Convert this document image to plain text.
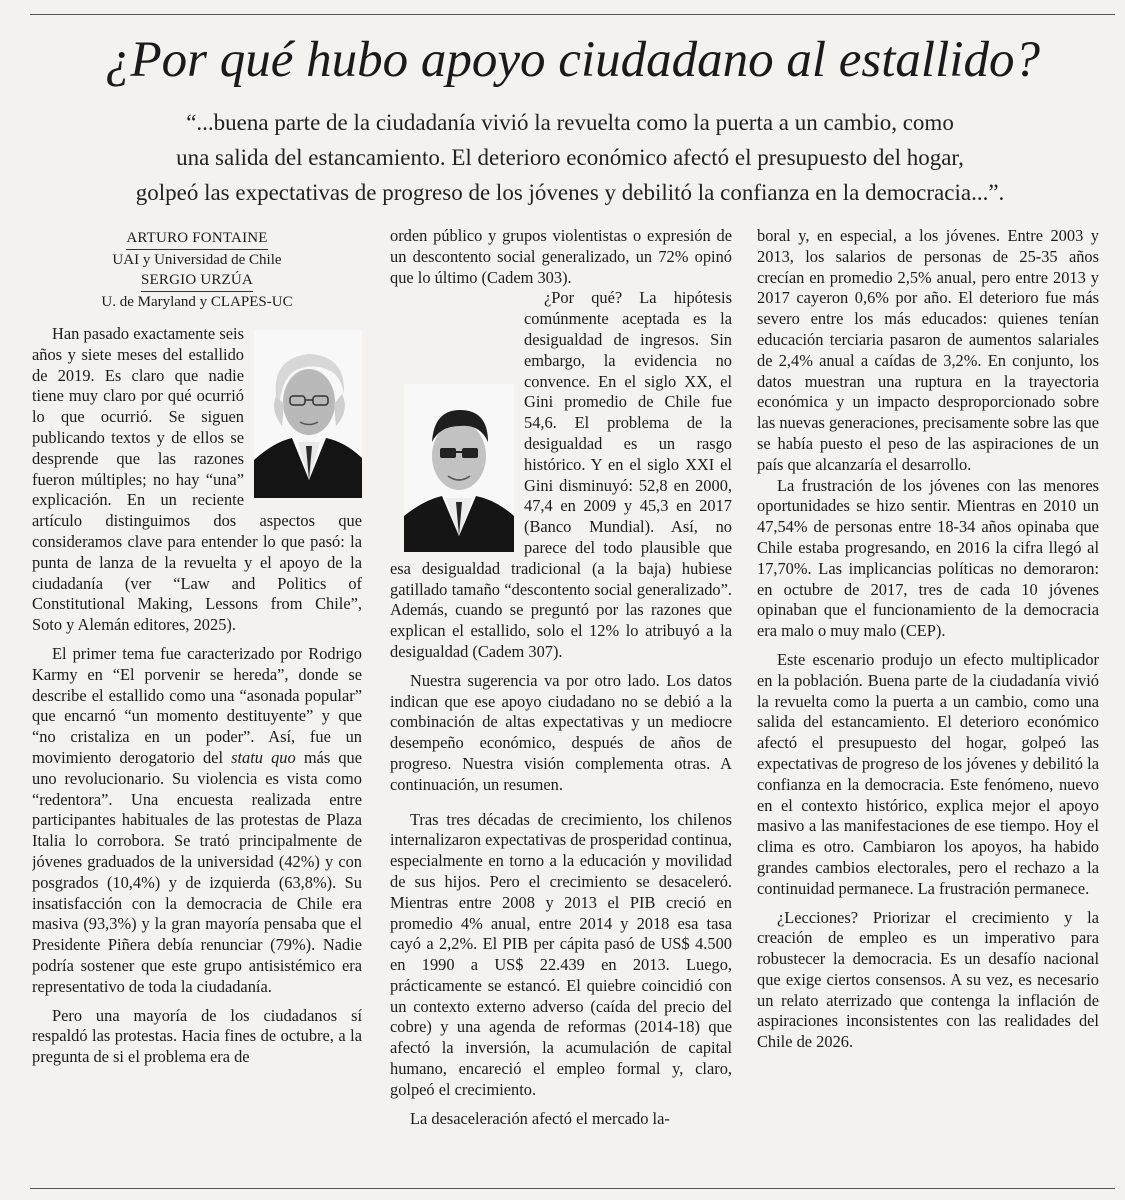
¿Por qué hubo apoyo ciudadano al estallido?
“...buena parte de la ciudadanía vivió la revuelta como la puerta a un cambio, como
una salida del estancamiento. El deterioro económico afectó el presupuesto del hogar,
golpeó las expectativas de progreso de los jóvenes y debilitó la confianza en la democracia...”.

ARTURO FONTAINE

UAI y Universidad de Chile

SERGIO URZÚA

U. de Maryland y CLAPES-UC

Han pasado exactamente seis años y siete meses del estallido de 2019. Es claro que nadie tiene muy claro por qué ocurrió lo que ocurrió. Se siguen publicando textos y de ellos se desprende que las razones fueron múltiples; no hay “una” explicación. En un reciente artículo distinguimos dos aspectos que consideramos clave para entender lo que pasó: la punta de lanza de la revuelta y el apoyo de la ciudadanía (ver “Law and Politics of Constitutional Making, Lessons from Chile”, Soto y Alemán editores, 2025).

El primer tema fue caracterizado por Rodrigo Karmy en “El porvenir se hereda”, donde se describe el estallido como una “asonada popular” que encarnó “un momento destituyente” y que “no cristaliza en un poder”. Así, fue un movimiento derogatorio del statu quo más que uno revolucionario. Su violencia es vista como “redentora”. Una encuesta realizada entre participantes habituales de las protestas de Plaza Italia lo corrobora. Se trató principalmente de jóvenes graduados de la universidad (42%) y con posgrados (10,4%) y de izquierda (63,8%). Su insatisfacción con la democracia de Chile era masiva (93,3%) y la gran mayoría pensaba que el Presidente Piñera debía renunciar (79%). Nadie podría sostener que este grupo antisistémico era representativo de toda la ciudadanía.

Pero una mayoría de los ciudadanos sí respaldó las protestas. Hacia fines de octubre, a la pregunta de si el problema era de

orden público y grupos violentistas o expresión de un descontento social generalizado, un 72% opinó que lo último (Cadem 303).

¿Por qué? La hipótesis comúnmente aceptada es la desigualdad de ingresos. Sin embargo, la evidencia no convence. En el siglo XX, el Gini promedio de Chile fue 54,6. El problema de la desigualdad es un rasgo histórico. Y en el siglo XXI el Gini disminuyó: 52,8 en 2000, 47,4 en 2009 y 45,3 en 2017 (Banco Mundial). Así, no parece del todo plausible que esa desigualdad tradicional (a la baja) hubiese gatillado tamaño “descontento social generalizado”. Además, cuando se preguntó por las razones que explican el estallido, solo el 12% lo atribuyó a la desigualdad (Cadem 307).

Nuestra sugerencia va por otro lado. Los datos indican que ese apoyo ciudadano no se debió a la combinación de altas expectativas y un mediocre desempeño económico, después de años de progreso. Nuestra visión complementa otras. A continuación, un resumen.

Tras tres décadas de crecimiento, los chilenos internalizaron expectativas de prosperidad continua, especialmente en torno a la educación y movilidad de sus hijos. Pero el crecimiento se desaceleró. Mientras entre 2008 y 2013 el PIB creció en promedio 4% anual, entre 2014 y 2018 esa tasa cayó a 2,2%. El PIB per cápita pasó de US$ 4.500 en 1990 a US$ 22.439 en 2013. Luego, prácticamente se estancó. El quiebre coincidió con un contexto externo adverso (caída del precio del cobre) y una agenda de reformas (2014-18) que afectó la inversión, la acumulación de capital humano, encareció el empleo formal y, claro, golpeó el crecimiento.

La desaceleración afectó el mercado la-

boral y, en especial, a los jóvenes. Entre 2003 y 2013, los salarios de personas de 25-35 años crecían en promedio 2,5% anual, pero entre 2013 y 2017 cayeron 0,6% por año. El deterioro fue más severo entre los más educados: quienes tenían educación terciaria pasaron de aumentos salariales de 2,4% anual a caídas de 3,2%. En conjunto, los datos muestran una ruptura en la trayectoria económica y un impacto desproporcionado sobre las nuevas generaciones, precisamente sobre las que se había puesto el peso de las aspiraciones de un país que alcanzaría el desarrollo.

La frustración de los jóvenes con las menores oportunidades se hizo sentir. Mientras en 2010 un 47,54% de personas entre 18-34 años opinaba que Chile estaba progresando, en 2016 la cifra llegó al 17,70%. Las implicancias políticas no demoraron: en octubre de 2017, tres de cada 10 jóvenes opinaban que el funcionamiento de la democracia era malo o muy malo (CEP).

Este escenario produjo un efecto multiplicador en la población. Buena parte de la ciudadanía vivió la revuelta como la puerta a un cambio, como una salida del estancamiento. El deterioro económico afectó el presupuesto del hogar, golpeó las expectativas de progreso de los jóvenes y debilitó la confianza en la democracia. Este fenómeno, nuevo en el contexto histórico, explica mejor el apoyo masivo a las manifestaciones de ese tiempo. Hoy el clima es otro. Cambiaron los apoyos, ha habido grandes cambios electorales, pero el rechazo a la continuidad permanece. La frustración permanece.

¿Lecciones? Priorizar el crecimiento y la creación de empleo es un imperativo para robustecer la democracia. Es un desafío nacional que exige ciertos consensos. A su vez, es necesario un relato aterrizado que contenga la inflación de aspiraciones inconsistentes con las realidades del Chile de 2026.
